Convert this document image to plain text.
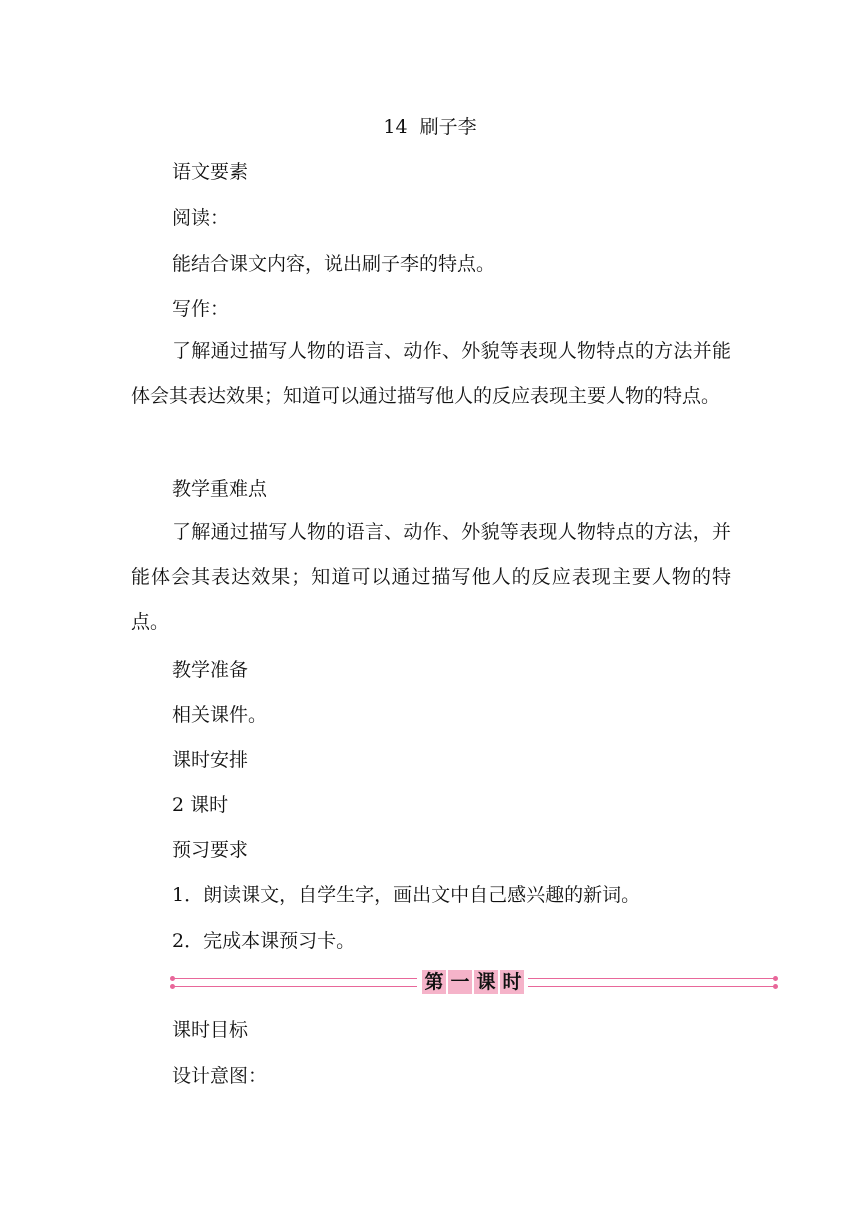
14  刷子李
语文要素
阅读：
能结合课文内容，说出刷子李的特点。
写作：
了解通过描写人物的语言、动作、外貌等表现人物特点的方法并能体会其表达效果；知道可以通过描写他人的反应表现主要人物的特点。
教学重难点
了解通过描写人物的语言、动作、外貌等表现人物特点的方法，并能体会其表达效果；知道可以通过描写他人的反应表现主要人物的特点。
教学准备
相关课件。
课时安排
2 课时
预习要求
1．朗读课文，自学生字，画出文中自己感兴趣的新词。
2．完成本课预习卡。
第 一 课 时
课时目标
设计意图：
